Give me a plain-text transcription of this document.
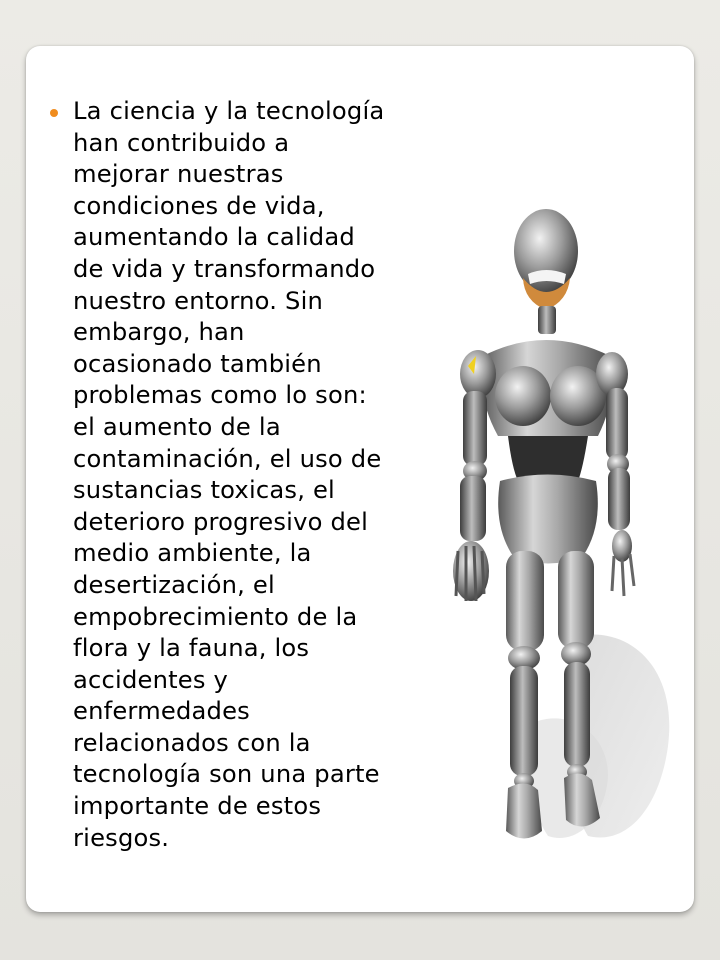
La ciencia y la tecnología han contribuido a mejorar nuestras condiciones de vida, aumentando la calidad de vida y transformando nuestro entorno. Sin embargo, han ocasionado también problemas como lo son: el aumento de la contaminación, el uso de sustancias toxicas, el deterioro progresivo del medio ambiente, la desertización, el empobrecimiento de la flora y la fauna, los accidentes y enfermedades relacionados con la tecnología son una parte importante de estos riesgos.
